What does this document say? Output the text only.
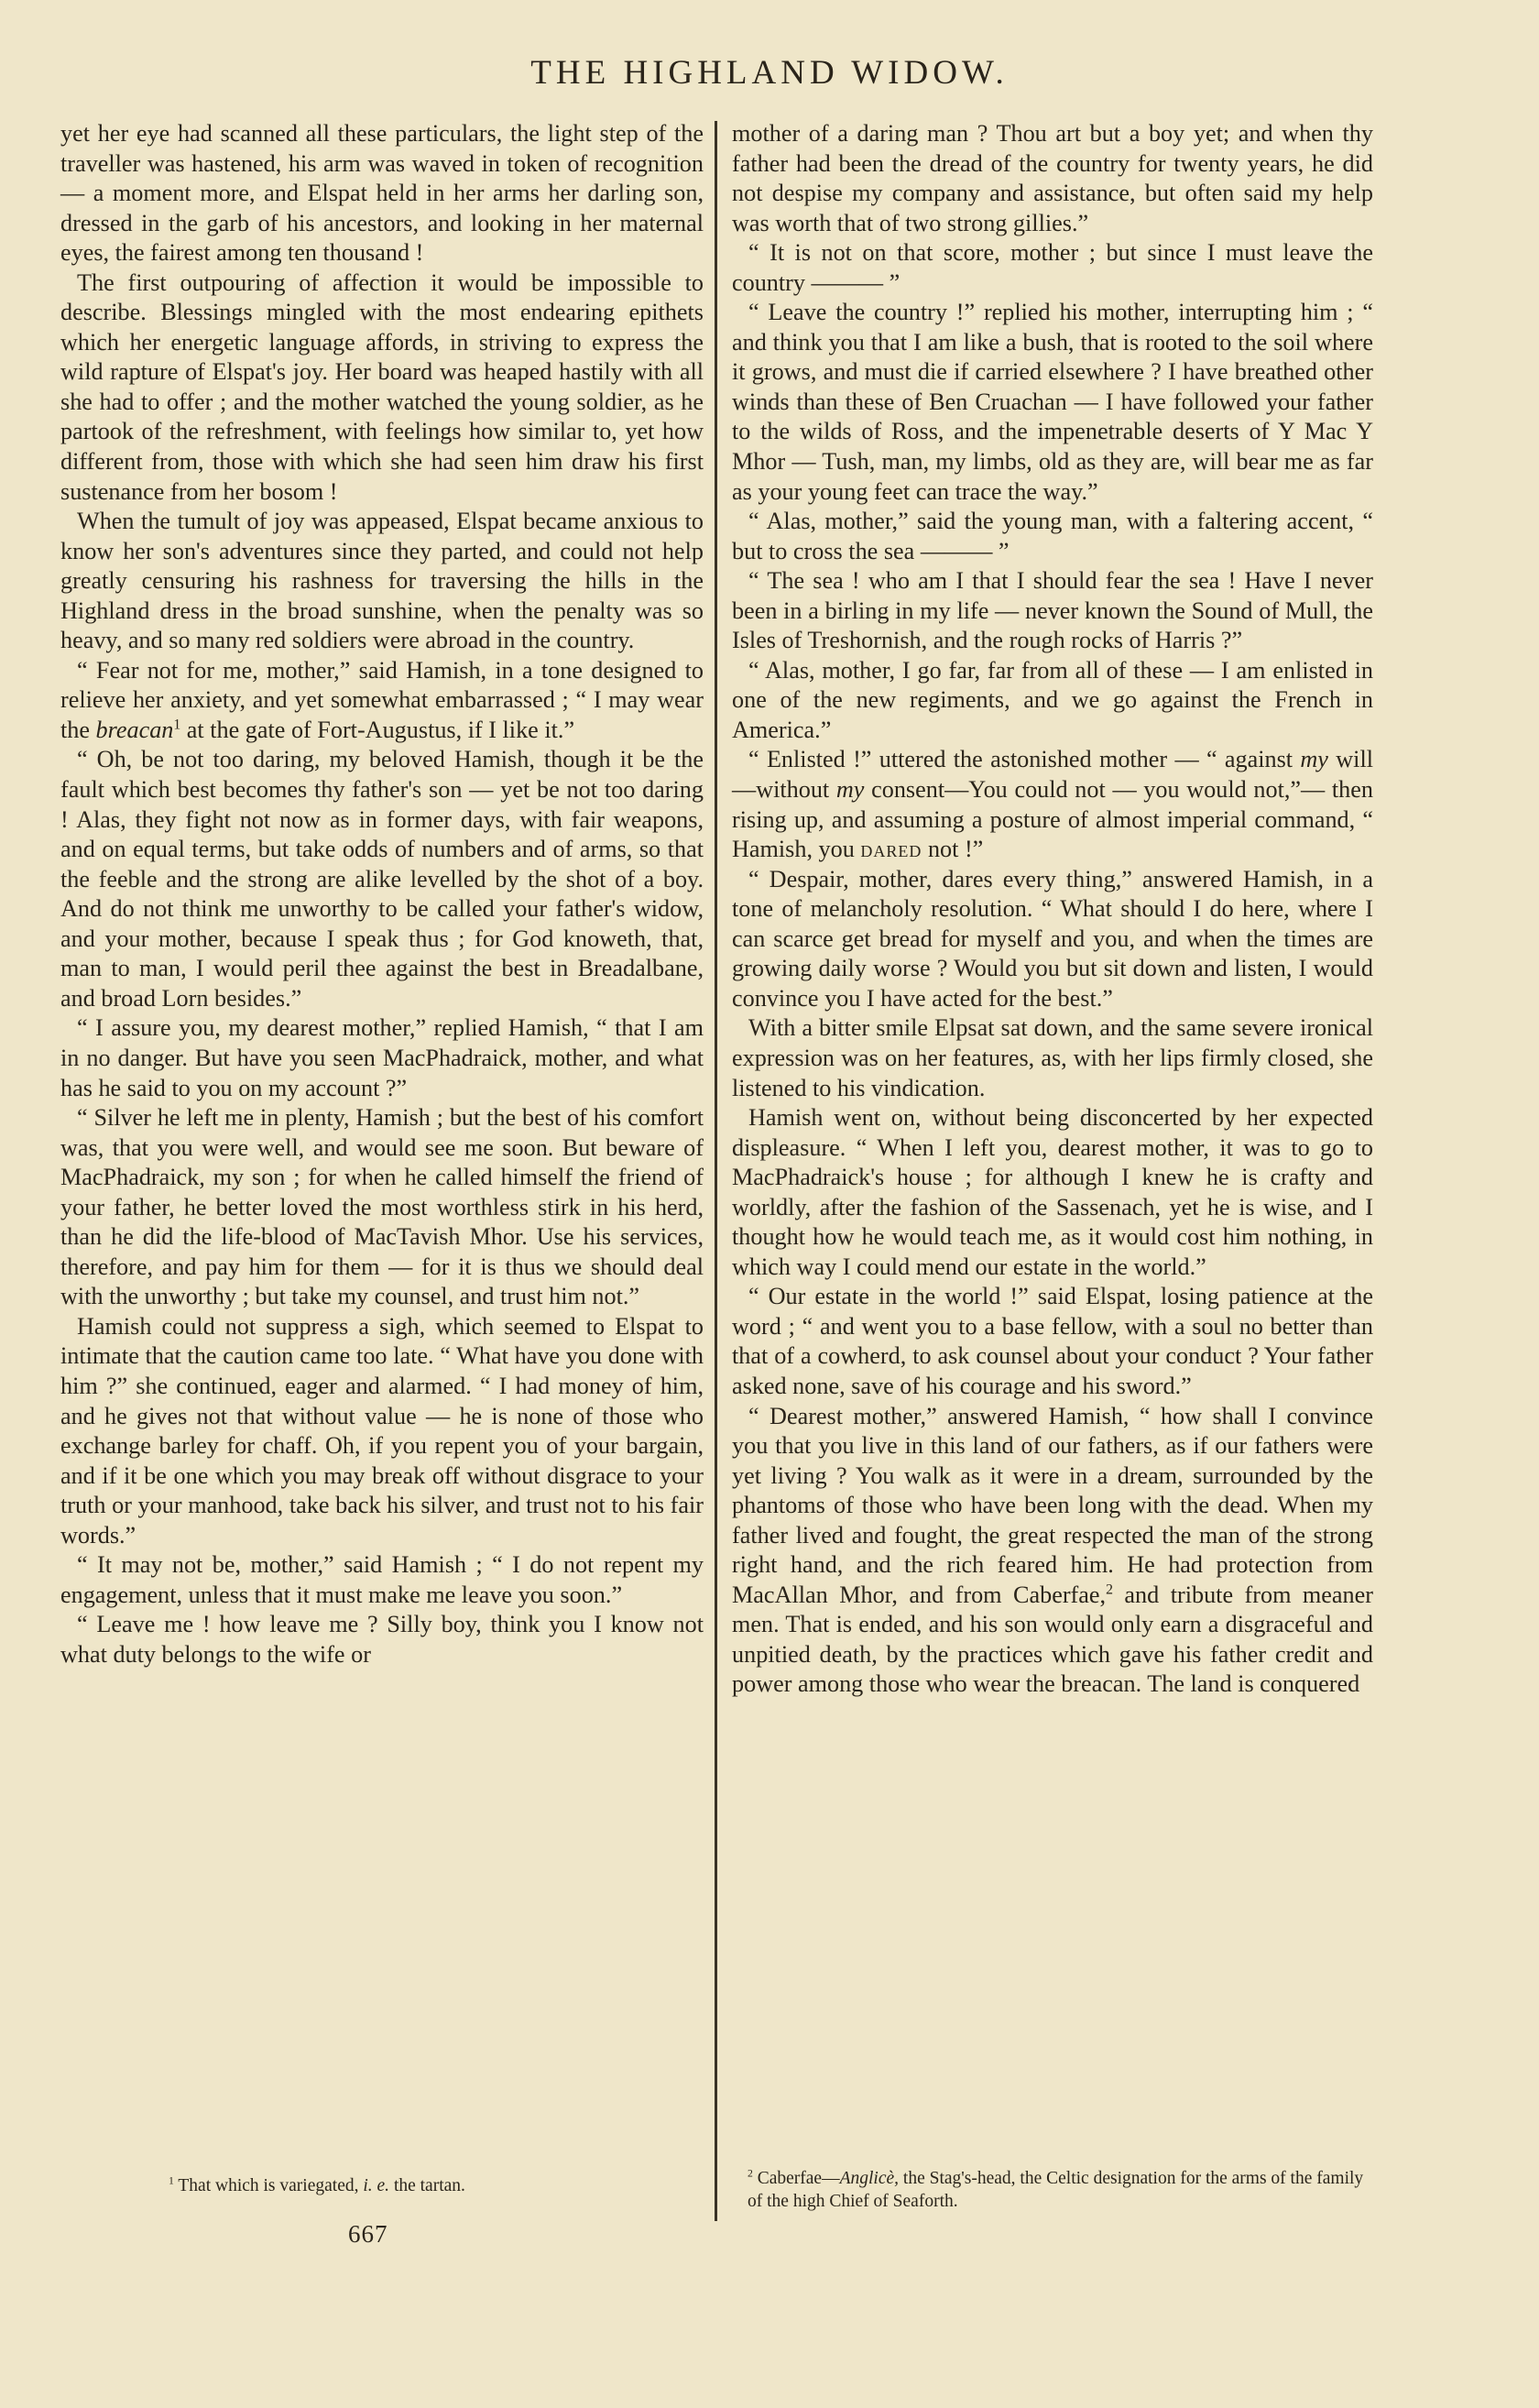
THE HIGHLAND WIDOW.

yet her eye had scanned all these particulars, the light step of the traveller was hastened, his arm was waved in token of recognition — a moment more, and Elspat held in her arms her darling son, dressed in the garb of his ancestors, and looking in her maternal eyes, the fairest among ten thousand !

The first outpouring of affection it would be impossible to describe. Blessings mingled with the most endearing epithets which her energetic language affords, in striving to express the wild rapture of Elspat's joy. Her board was heaped hastily with all she had to offer ; and the mother watched the young soldier, as he partook of the refreshment, with feelings how similar to, yet how different from, those with which she had seen him draw his first sustenance from her bosom !

When the tumult of joy was appeased, Elspat became anxious to know her son's adventures since they parted, and could not help greatly censuring his rashness for traversing the hills in the Highland dress in the broad sunshine, when the penalty was so heavy, and so many red soldiers were abroad in the country.

“ Fear not for me, mother,” said Hamish, in a tone designed to relieve her anxiety, and yet somewhat embarrassed ; “ I may wear the breacan$^1$ at the gate of Fort-Augustus, if I like it.”

“ Oh, be not too daring, my beloved Hamish, though it be the fault which best becomes thy father's son — yet be not too daring ! Alas, they fight not now as in former days, with fair weapons, and on equal terms, but take odds of numbers and of arms, so that the feeble and the strong are alike levelled by the shot of a boy. And do not think me unworthy to be called your father's widow, and your mother, because I speak thus ; for God knoweth, that, man to man, I would peril thee against the best in Breadalbane, and broad Lorn besides.”

“ I assure you, my dearest mother,” replied Hamish, “ that I am in no danger. But have you seen MacPhadraick, mother, and what has he said to you on my account ?”

“ Silver he left me in plenty, Hamish ; but the best of his comfort was, that you were well, and would see me soon. But beware of MacPhadraick, my son ; for when he called himself the friend of your father, he better loved the most worthless stirk in his herd, than he did the life-blood of MacTavish Mhor. Use his services, therefore, and pay him for them — for it is thus we should deal with the unworthy ; but take my counsel, and trust him not.”

Hamish could not suppress a sigh, which seemed to Elspat to intimate that the caution came too late. “ What have you done with him ?” she continued, eager and alarmed. “ I had money of him, and he gives not that without value — he is none of those who exchange barley for chaff. Oh, if you repent you of your bargain, and if it be one which you may break off without disgrace to your truth or your manhood, take back his silver, and trust not to his fair words.”

“ It may not be, mother,” said Hamish ; “ I do not repent my engagement, unless that it must make me leave you soon.”

“ Leave me ! how leave me ? Silly boy, think you I know not what duty belongs to the wife or

mother of a daring man ? Thou art but a boy yet; and when thy father had been the dread of the country for twenty years, he did not despise my company and assistance, but often said my help was worth that of two strong gillies.”

“ It is not on that score, mother ; but since I must leave the country ——— ”

“ Leave the country !” replied his mother, interrupting him ; “ and think you that I am like a bush, that is rooted to the soil where it grows, and must die if carried elsewhere ? I have breathed other winds than these of Ben Cruachan — I have followed your father to the wilds of Ross, and the impenetrable deserts of Y Mac Y Mhor — Tush, man, my limbs, old as they are, will bear me as far as your young feet can trace the way.”

“ Alas, mother,” said the young man, with a faltering accent, “ but to cross the sea ——— ”

“ The sea ! who am I that I should fear the sea ! Have I never been in a birling in my life — never known the Sound of Mull, the Isles of Treshornish, and the rough rocks of Harris ?”

“ Alas, mother, I go far, far from all of these — I am enlisted in one of the new regiments, and we go against the French in America.”

“ Enlisted !” uttered the astonished mother — “ against my will—without my consent—You could not — you would not,”— then rising up, and assuming a posture of almost imperial command, “ Hamish, you dared not !”

“ Despair, mother, dares every thing,” answered Hamish, in a tone of melancholy resolution. “ What should I do here, where I can scarce get bread for myself and you, and when the times are growing daily worse ? Would you but sit down and listen, I would convince you I have acted for the best.”

With a bitter smile Elpsat sat down, and the same severe ironical expression was on her features, as, with her lips firmly closed, she listened to his vindication.

Hamish went on, without being disconcerted by her expected displeasure. “ When I left you, dearest mother, it was to go to MacPhadraick's house ; for although I knew he is crafty and worldly, after the fashion of the Sassenach, yet he is wise, and I thought how he would teach me, as it would cost him nothing, in which way I could mend our estate in the world.”

“ Our estate in the world !” said Elspat, losing patience at the word ; “ and went you to a base fellow, with a soul no better than that of a cowherd, to ask counsel about your conduct ? Your father asked none, save of his courage and his sword.”

“ Dearest mother,” answered Hamish, “ how shall I convince you that you live in this land of our fathers, as if our fathers were yet living ? You walk as it were in a dream, surrounded by the phantoms of those who have been long with the dead. When my father lived and fought, the great respected the man of the strong right hand, and the rich feared him. He had protection from MacAllan Mhor, and from Caberfae,$^2$ and tribute from meaner men. That is ended, and his son would only earn a disgraceful and unpitied death, by the practices which gave his father credit and power among those who wear the breacan. The land is conquered

$^1$ That which is variegated, i. e. the tartan.
$^2$ Caberfae—Anglicè, the Stag's-head, the Celtic designation for the arms of the family of the high Chief of Seaforth.
667
